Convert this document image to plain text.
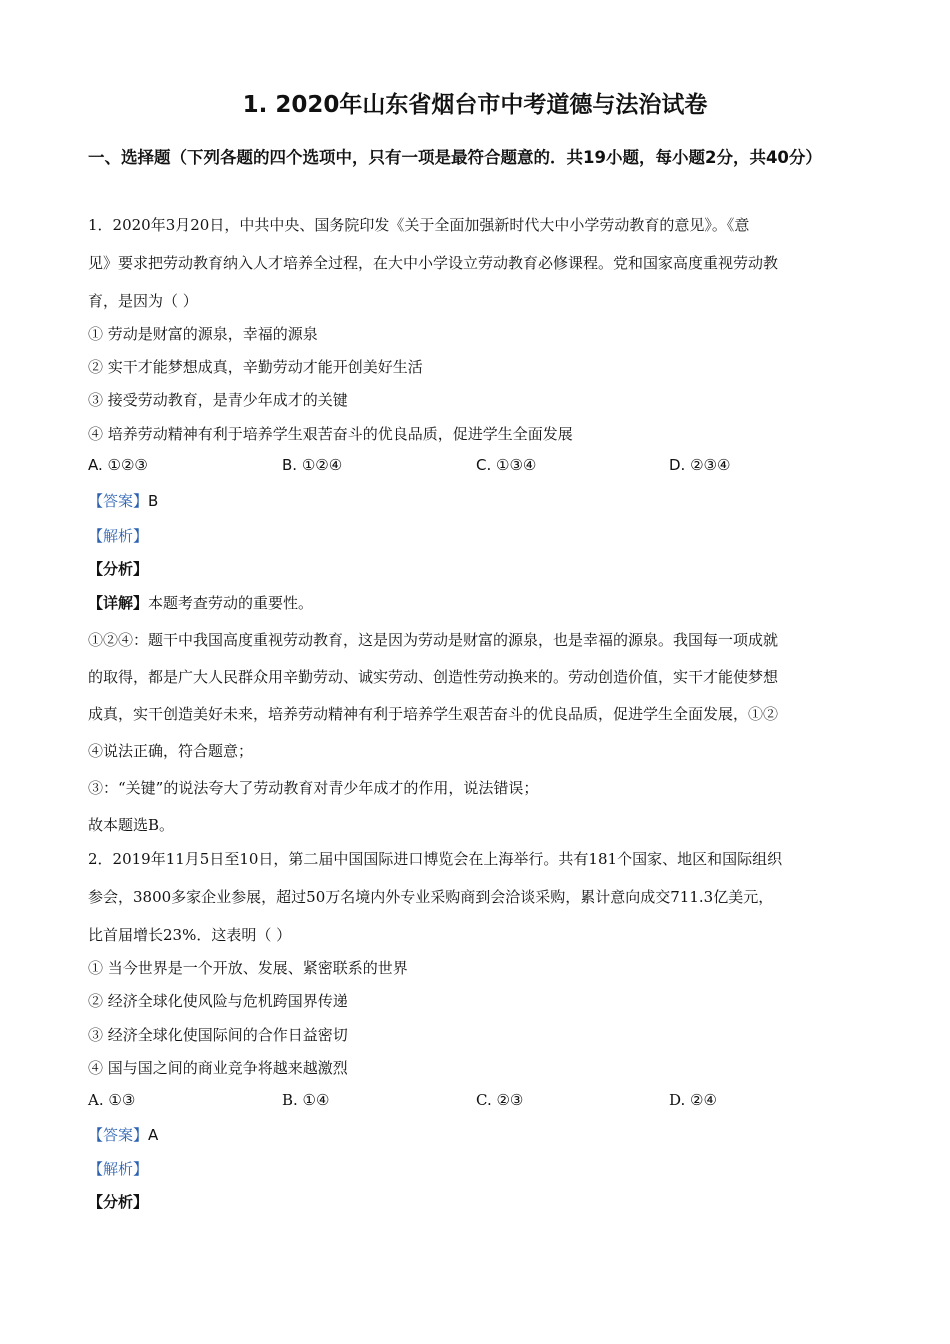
1. 2020年山东省烟台市中考道德与法治试卷
一、选择题（下列各题的四个选项中，只有一项是最符合题意的．共19小题，每小题2分，共40分）
1．2020年3月20日，中共中央、国务院印发《关于全面加强新时代大中小学劳动教育的意见》。《意
见》要求把劳动教育纳入人才培养全过程，在大中小学设立劳动教育必修课程。党和国家高度重视劳动教
育，是因为（ ）
① 劳动是财富的源泉，幸福的源泉
② 实干才能梦想成真，辛勤劳动才能开创美好生活
③ 接受劳动教育，是青少年成才的关键
④ 培养劳动精神有利于培养学生艰苦奋斗的优良品质，促进学生全面发展
A. ①②③	B. ①②④	C. ①③④	D. ②③④
【答案】B
【解析】
【分析】
【详解】本题考查劳动的重要性。
①②④：题干中我国高度重视劳动教育，这是因为劳动是财富的源泉，也是幸福的源泉。我国每一项成就
的取得，都是广大人民群众用辛勤劳动、诚实劳动、创造性劳动换来的。劳动创造价值，实干才能使梦想
成真，实干创造美好未来，培养劳动精神有利于培养学生艰苦奋斗的优良品质，促进学生全面发展，①②
④说法正确，符合题意；
③：“关键”的说法夸大了劳动教育对青少年成才的作用，说法错误；
故本题选B。
2．2019年11月5日至10日，第二届中国国际进口博览会在上海举行。共有181个国家、地区和国际组织
参会，3800多家企业参展，超过50万名境内外专业采购商到会洽谈采购，累计意向成交711.3亿美元，
比首届增长23%．这表明（ ）
① 当今世界是一个开放、发展、紧密联系的世界
② 经济全球化使风险与危机跨国界传递
③ 经济全球化使国际间的合作日益密切
④ 国与国之间的商业竞争将越来越激烈
A. ①③	B. ①④	C. ②③	D. ②④
【答案】A
【解析】
【分析】
